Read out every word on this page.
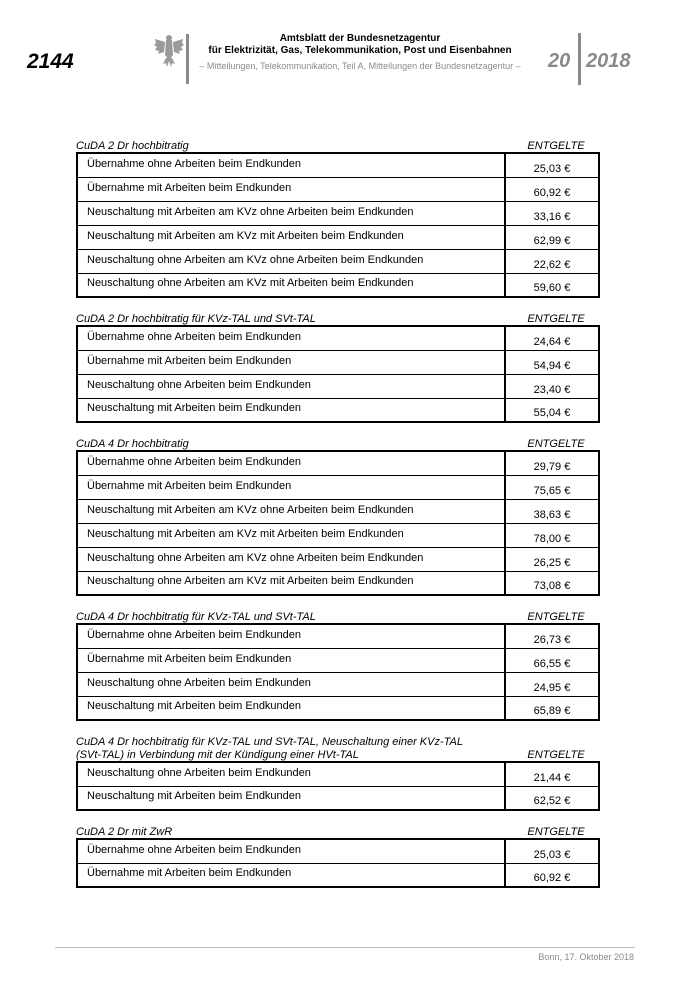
2144
Amtsblatt der Bundesnetzagentur
für Elektrizität, Gas, Telekommunikation, Post und Eisenbahnen
– Mitteilungen, Telekommunikation, Teil A, Mitteilungen der Bundesnetzagentur –	20 2018
CuDA 2 Dr hochbitratig	ENTGELTE
Übernahme ohne Arbeiten beim Endkunden	25,03 €
Übernahme mit Arbeiten beim Endkunden	60,92 €
Neuschaltung mit Arbeiten am KVz ohne Arbeiten beim Endkunden	33,16 €
Neuschaltung mit Arbeiten am KVz mit Arbeiten beim Endkunden	62,99 €
Neuschaltung ohne Arbeiten am KVz ohne Arbeiten beim Endkunden	22,62 €
Neuschaltung ohne Arbeiten am KVz mit Arbeiten beim Endkunden	59,60 €
CuDA 2 Dr hochbitratig für KVz-TAL und SVt-TAL	ENTGELTE
Übernahme ohne Arbeiten beim Endkunden	24,64 €
Übernahme mit Arbeiten beim Endkunden	54,94 €
Neuschaltung ohne Arbeiten beim Endkunden	23,40 €
Neuschaltung mit Arbeiten beim Endkunden	55,04 €
CuDA 4 Dr hochbitratig	ENTGELTE
Übernahme ohne Arbeiten beim Endkunden	29,79 €
Übernahme mit Arbeiten beim Endkunden	75,65 €
Neuschaltung mit Arbeiten am KVz ohne Arbeiten beim Endkunden	38,63 €
Neuschaltung mit Arbeiten am KVz mit Arbeiten beim Endkunden	78,00 €
Neuschaltung ohne Arbeiten am KVz ohne Arbeiten beim Endkunden	26,25 €
Neuschaltung ohne Arbeiten am KVz mit Arbeiten beim Endkunden	73,08 €
CuDA 4 Dr hochbitratig für KVz-TAL und SVt-TAL	ENTGELTE
Übernahme ohne Arbeiten beim Endkunden	26,73 €
Übernahme mit Arbeiten beim Endkunden	66,55 €
Neuschaltung ohne Arbeiten beim Endkunden	24,95 €
Neuschaltung mit Arbeiten beim Endkunden	65,89 €
CuDA 4 Dr hochbitratig für KVz-TAL und SVt-TAL, Neuschaltung einer KVz-TAL
(SVt-TAL) in Verbindung mit der Kündigung einer HVt-TAL	ENTGELTE
Neuschaltung ohne Arbeiten beim Endkunden	21,44 €
Neuschaltung mit Arbeiten beim Endkunden	62,52 €
CuDA 2 Dr mit ZwR	ENTGELTE
Übernahme ohne Arbeiten beim Endkunden	25,03 €
Übernahme mit Arbeiten beim Endkunden	60,92 €
Bonn, 17. Oktober 2018
